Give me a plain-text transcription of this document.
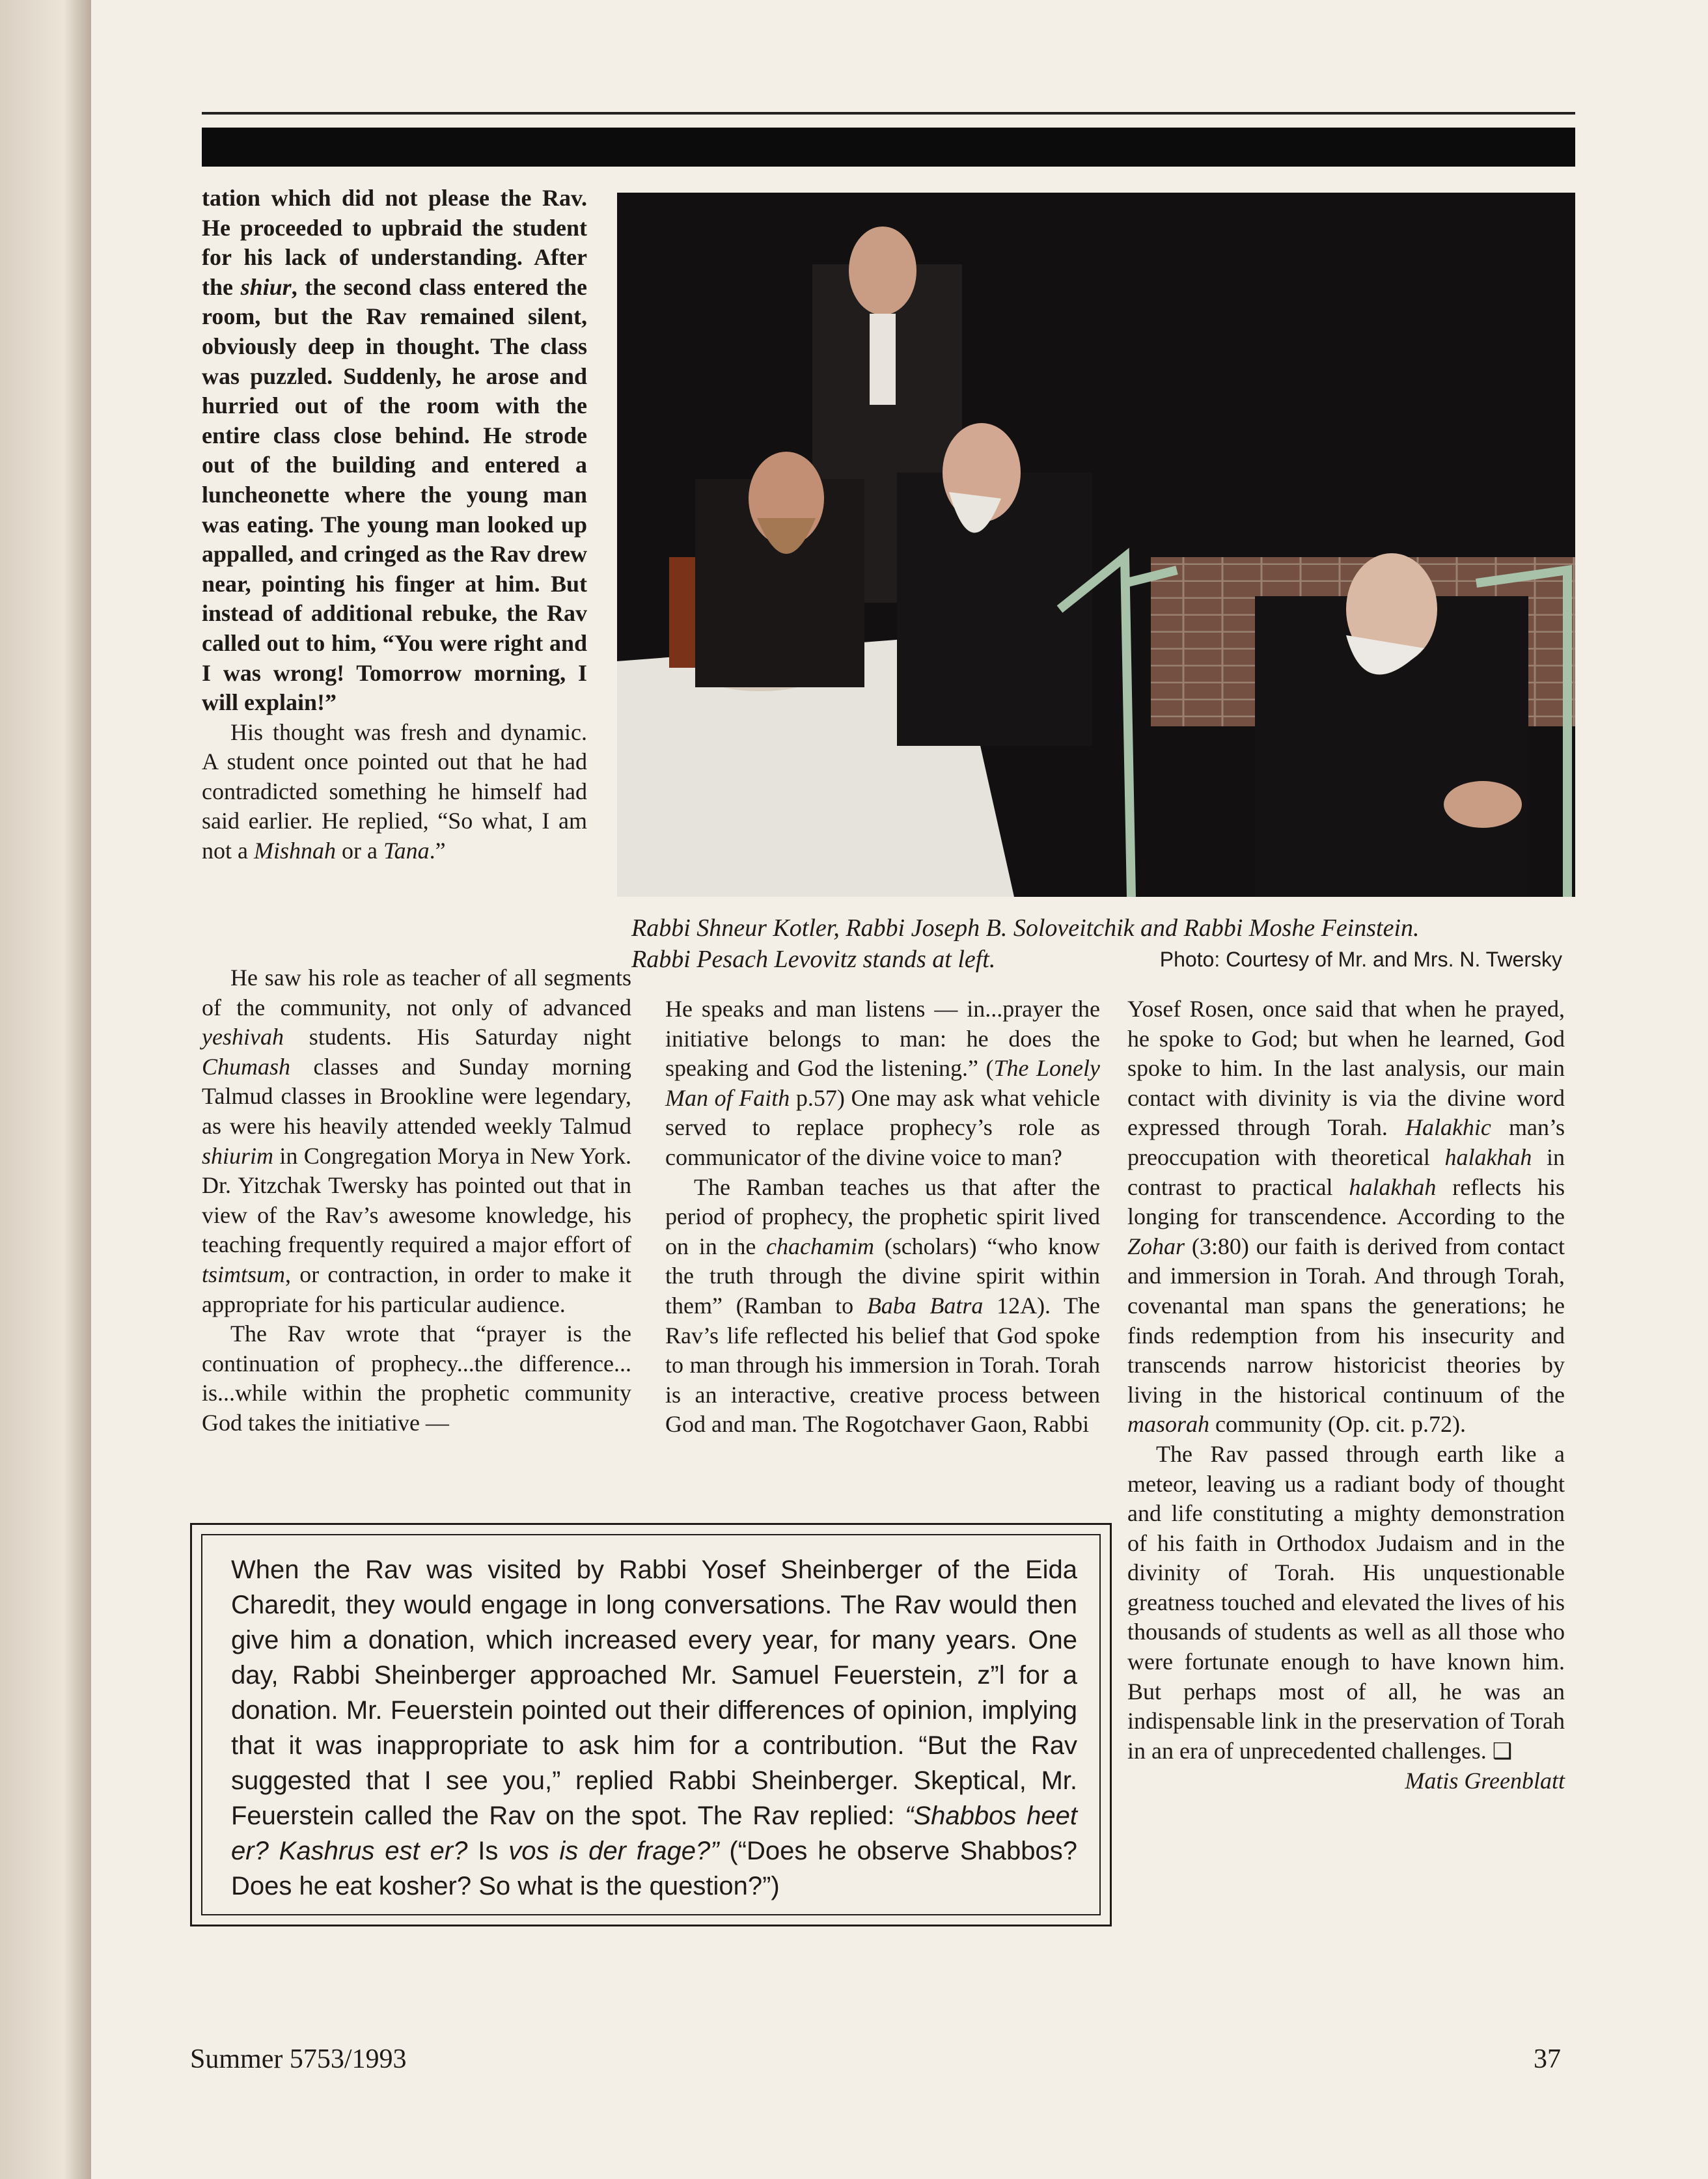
tation which did not please the Rav. He proceeded to upbraid the student for his lack of understanding. After the shiur, the second class entered the room, but the Rav remained silent, obviously deep in thought. The class was puzzled. Suddenly, he arose and hurried out of the room with the entire class close behind. He strode out of the building and entered a luncheonette where the young man was eating. The young man looked up appalled, and cringed as the Rav drew near, pointing his finger at him. But instead of additional rebuke, the Rav called out to him, “You were right and I was wrong! Tomorrow morning, I will explain!”

His thought was fresh and dynamic. A student once pointed out that he had contradicted something he himself had said earlier. He replied, “So what, I am not a Mishnah or a Tana.”

He saw his role as teacher of all segments of the community, not only of advanced yeshivah students. His Saturday night Chumash classes and Sunday morning Talmud classes in Brookline were legendary, as were his heavily attended weekly Talmud shiurim in Congregation Morya in New York. Dr. Yitzchak Twersky has pointed out that in view of the Rav’s awesome knowledge, his teaching frequently required a major effort of tsimtsum, or contraction, in order to make it appropriate for his particular audience.

The Rav wrote that “prayer is the continuation of prophecy...the difference... is...while within the prophetic community God takes the initiative —

Rabbi Shneur Kotler, Rabbi Joseph B. Soloveitchik and Rabbi Moshe Feinstein.
Rabbi Pesach Levovitz stands at left.	Photo: Courtesy of Mr. and Mrs. N. Twersky

He speaks and man listens — in...prayer the initiative belongs to man: he does the speaking and God the listening.” (The Lonely Man of Faith p.57) One may ask what vehicle served to replace prophecy’s role as communicator of the divine voice to man?

The Ramban teaches us that after the period of prophecy, the prophetic spirit lived on in the chachamim (scholars) “who know the truth through the divine spirit within them” (Ramban to Baba Batra 12A). The Rav’s life reflected his belief that God spoke to man through his immersion in Torah. Torah is an interactive, creative process between God and man. The Rogotchaver Gaon, Rabbi

Yosef Rosen, once said that when he prayed, he spoke to God; but when he learned, God spoke to him. In the last analysis, our main contact with divinity is via the divine word expressed through Torah. Halakhic man’s preoccupation with theoretical halakhah in contrast to practical halakhah reflects his longing for transcendence. According to the Zohar (3:80) our faith is derived from contact and immersion in Torah. And through Torah, covenantal man spans the generations; he finds redemption from his insecurity and transcends narrow historicist theories by living in the historical continuum of the masorah community (Op. cit. p.72).

The Rav passed through earth like a meteor, leaving us a radiant body of thought and life constituting a mighty demonstration of his faith in Orthodox Judaism and in the divinity of Torah. His unquestionable greatness touched and elevated the lives of his thousands of students as well as all those who were fortunate enough to have known him. But perhaps most of all, he was an indispensable link in the preservation of Torah in an era of unprecedented challenges. ❑
Matis Greenblatt

When the Rav was visited by Rabbi Yosef Sheinberger of the Eida Charedit, they would engage in long conversations. The Rav would then give him a donation, which increased every year, for many years. One day, Rabbi Sheinberger approached Mr. Samuel Feuerstein, z”l for a donation. Mr. Feuerstein pointed out their differences of opinion, implying that it was inappropriate to ask him for a contribution. “But the Rav suggested that I see you,” replied Rabbi Sheinberger. Skeptical, Mr. Feuerstein called the Rav on the spot. The Rav replied: “Shabbos heet er? Kashrus est er? Is vos is der frage?” (“Does he observe Shabbos? Does he eat kosher? So what is the question?”)
Summer 5753/1993	37
